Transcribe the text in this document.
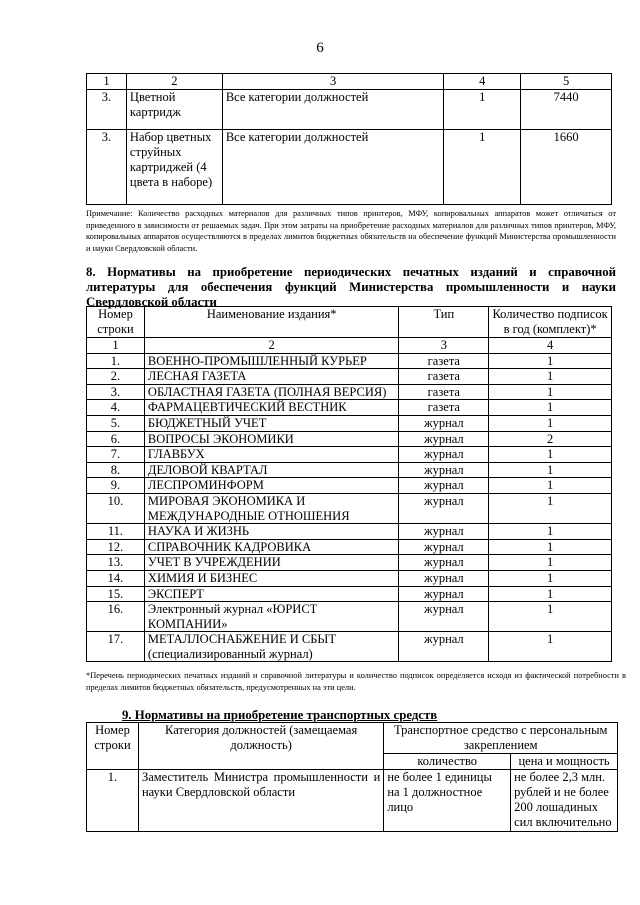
6
1	2	3	4	5
3.	Цветной картридж	Все категории должностей	1	7440
3.	Набор цветных струйных картриджей (4 цвета в наборе)	Все категории должностей	1	1660
Примечание: Количество расходных материалов для различных типов принтеров, МФУ, копировальных аппаратов может отличаться от приведенного в зависимости от решаемых задач. При этом затраты на приобретение расходных материалов для различных типов принтеров, МФУ, копировальных аппаратов осуществляются в пределах лимитов бюджетных обязательств на обеспечение функций Министерства промышленности и науки Свердловской области.
8. Нормативы на приобретение периодических печатных изданий и справочной литературы для обеспечения функций Министерства промышленности и науки Свердловской области
Номер строки	Наименование издания*	Тип	Количество подписок в год (комплект)*
1	2	3	4
1.	ВОЕННО-ПРОМЫШЛЕННЫЙ КУРЬЕР	газета	1
2.	ЛЕСНАЯ ГАЗЕТА	газета	1
3.	ОБЛАСТНАЯ ГАЗЕТА (ПОЛНАЯ ВЕРСИЯ)	газета	1
4.	ФАРМАЦЕВТИЧЕСКИЙ ВЕСТНИК	газета	1
5.	БЮДЖЕТНЫЙ УЧЕТ	журнал	1
6.	ВОПРОСЫ ЭКОНОМИКИ	журнал	2
7.	ГЛАВБУХ	журнал	1
8.	ДЕЛОВОЙ КВАРТАЛ	журнал	1
9.	ЛЕСПРОМИНФОРМ	журнал	1
10.	МИРОВАЯ ЭКОНОМИКА И МЕЖДУНАРОДНЫЕ ОТНОШЕНИЯ	журнал	1
11.	НАУКА И ЖИЗНЬ	журнал	1
12.	СПРАВОЧНИК КАДРОВИКА	журнал	1
13.	УЧЕТ В УЧРЕЖДЕНИИ	журнал	1
14.	ХИМИЯ И БИЗНЕС	журнал	1
15.	ЭКСПЕРТ	журнал	1
16.	Электронный журнал «ЮРИСТ КОМПАНИИ»	журнал	1
17.	МЕТАЛЛОСНАБЖЕНИЕ И СБЫТ (специализированный журнал)	журнал	1
*Перечень периодических печатных изданий и справочной литературы и количество подписок определяется исходя из фактической потребности в пределах лимитов бюджетных обязательств, предусмотренных на эти цели.
9. Нормативы на приобретение транспортных средств
Номер строки	Категория должностей (замещаемая должность)	Транспортное средство с персональным закреплением	
		количество	цена и мощность
1.	Заместитель Министра промышленности и науки Свердловской области	не более 1 единицы на 1 должностное лицо	не более 2,3 млн. рублей и не более 200 лошадиных сил включительно
